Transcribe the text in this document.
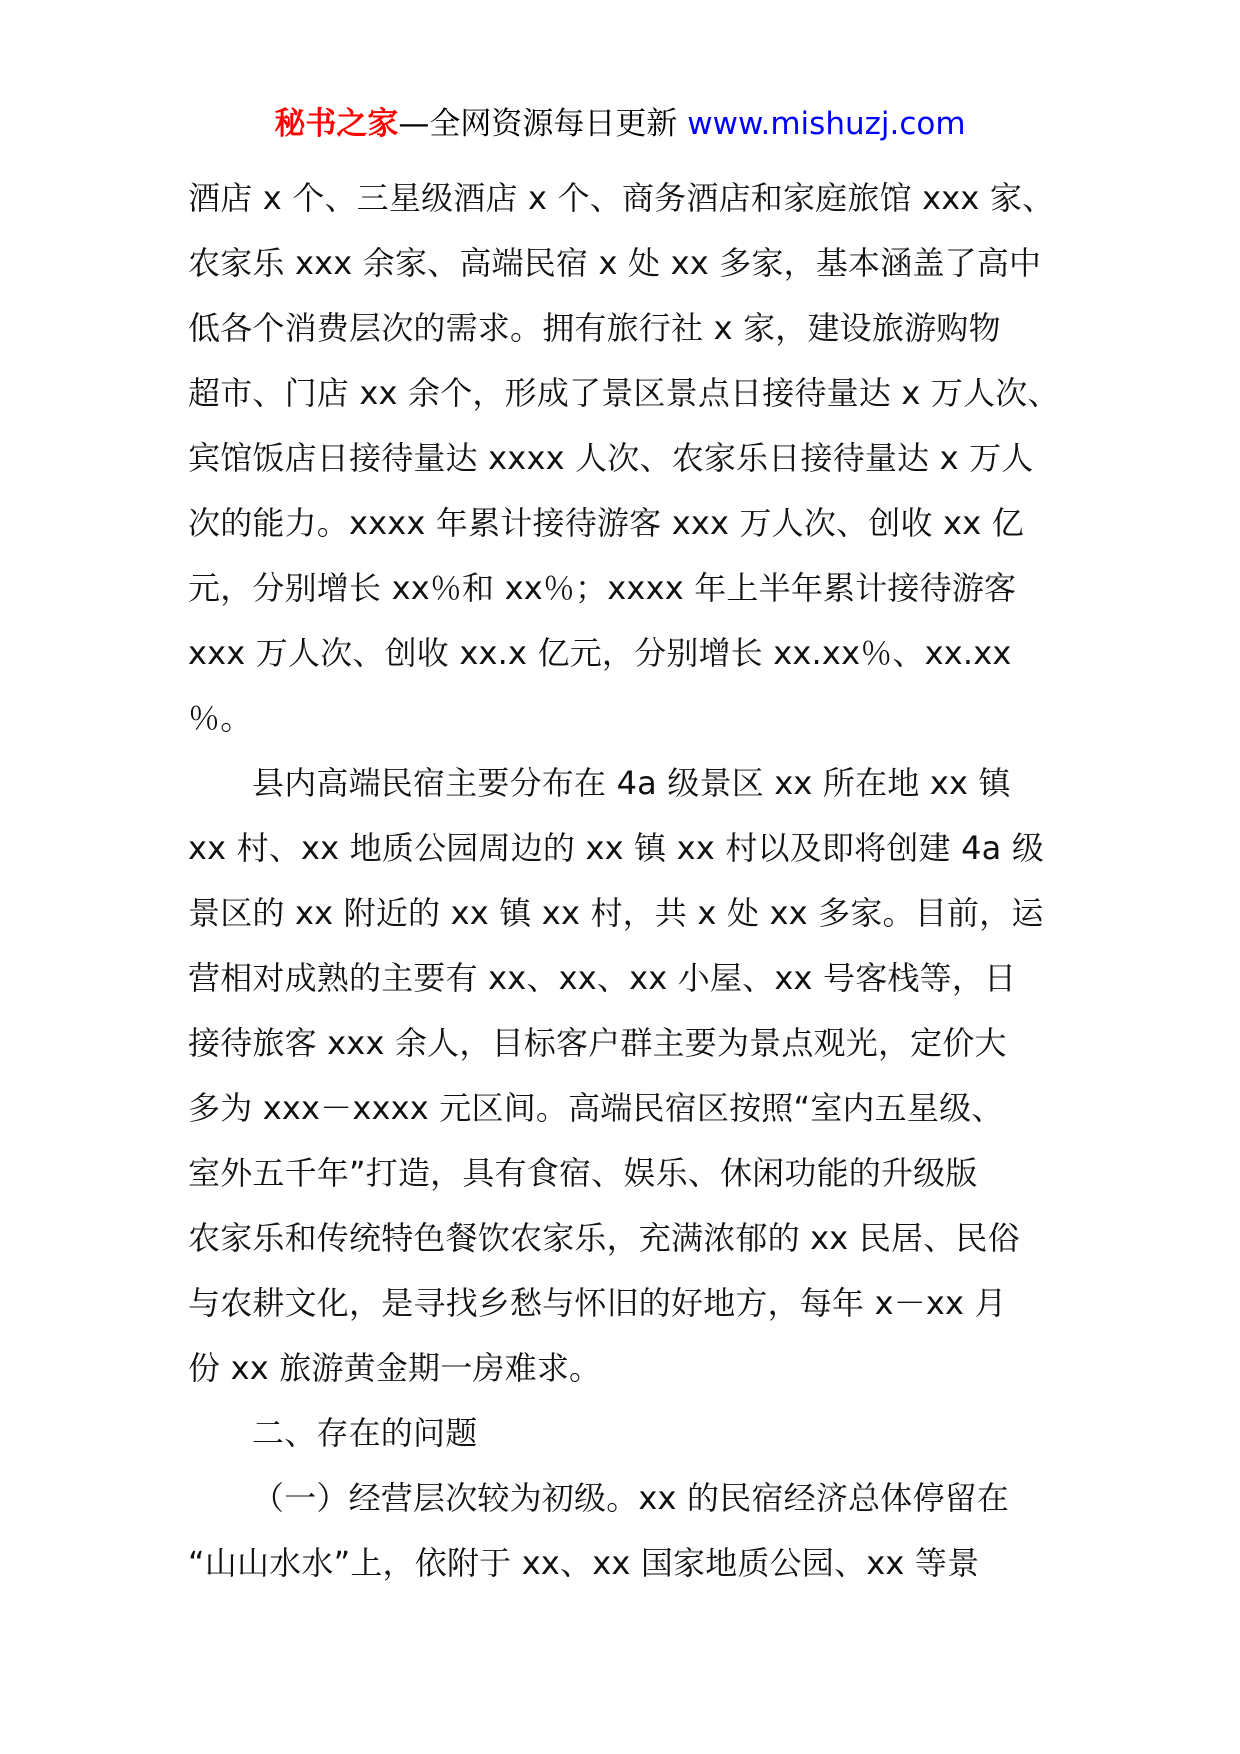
秘书之家—全网资源每日更新 www.mishuzj.com
酒店 x 个、三星级酒店 x 个、商务酒店和家庭旅馆 xxx 家、
农家乐 xxx 余家、高端民宿 x 处 xx 多家，基本涵盖了高中
低各个消费层次的需求。拥有旅行社 x 家，建设旅游购物
超市、门店 xx 余个，形成了景区景点日接待量达 x 万人次、
宾馆饭店日接待量达 xxxx 人次、农家乐日接待量达 x 万人
次的能力。xxxx 年累计接待游客 xxx 万人次、创收 xx 亿
元，分别增长 xx％和 xx％；xxxx 年上半年累计接待游客
xxx 万人次、创收 xx.x 亿元，分别增长 xx.xx％、xx.xx
％。
县内高端民宿主要分布在 4a 级景区 xx 所在地 xx 镇
xx 村、xx 地质公园周边的 xx 镇 xx 村以及即将创建 4a 级
景区的 xx 附近的 xx 镇 xx 村，共 x 处 xx 多家。目前，运
营相对成熟的主要有 xx、xx、xx 小屋、xx 号客栈等，日
接待旅客 xxx 余人，目标客户群主要为景点观光，定价大
多为 xxx－xxxx 元区间。高端民宿区按照“室内五星级、
室外五千年”打造，具有食宿、娱乐、休闲功能的升级版
农家乐和传统特色餐饮农家乐，充满浓郁的 xx 民居、民俗
与农耕文化，是寻找乡愁与怀旧的好地方，每年 x－xx 月
份 xx 旅游黄金期一房难求。
二、存在的问题
（一）经营层次较为初级。xx 的民宿经济总体停留在
“山山水水”上，依附于 xx、xx 国家地质公园、xx 等景
